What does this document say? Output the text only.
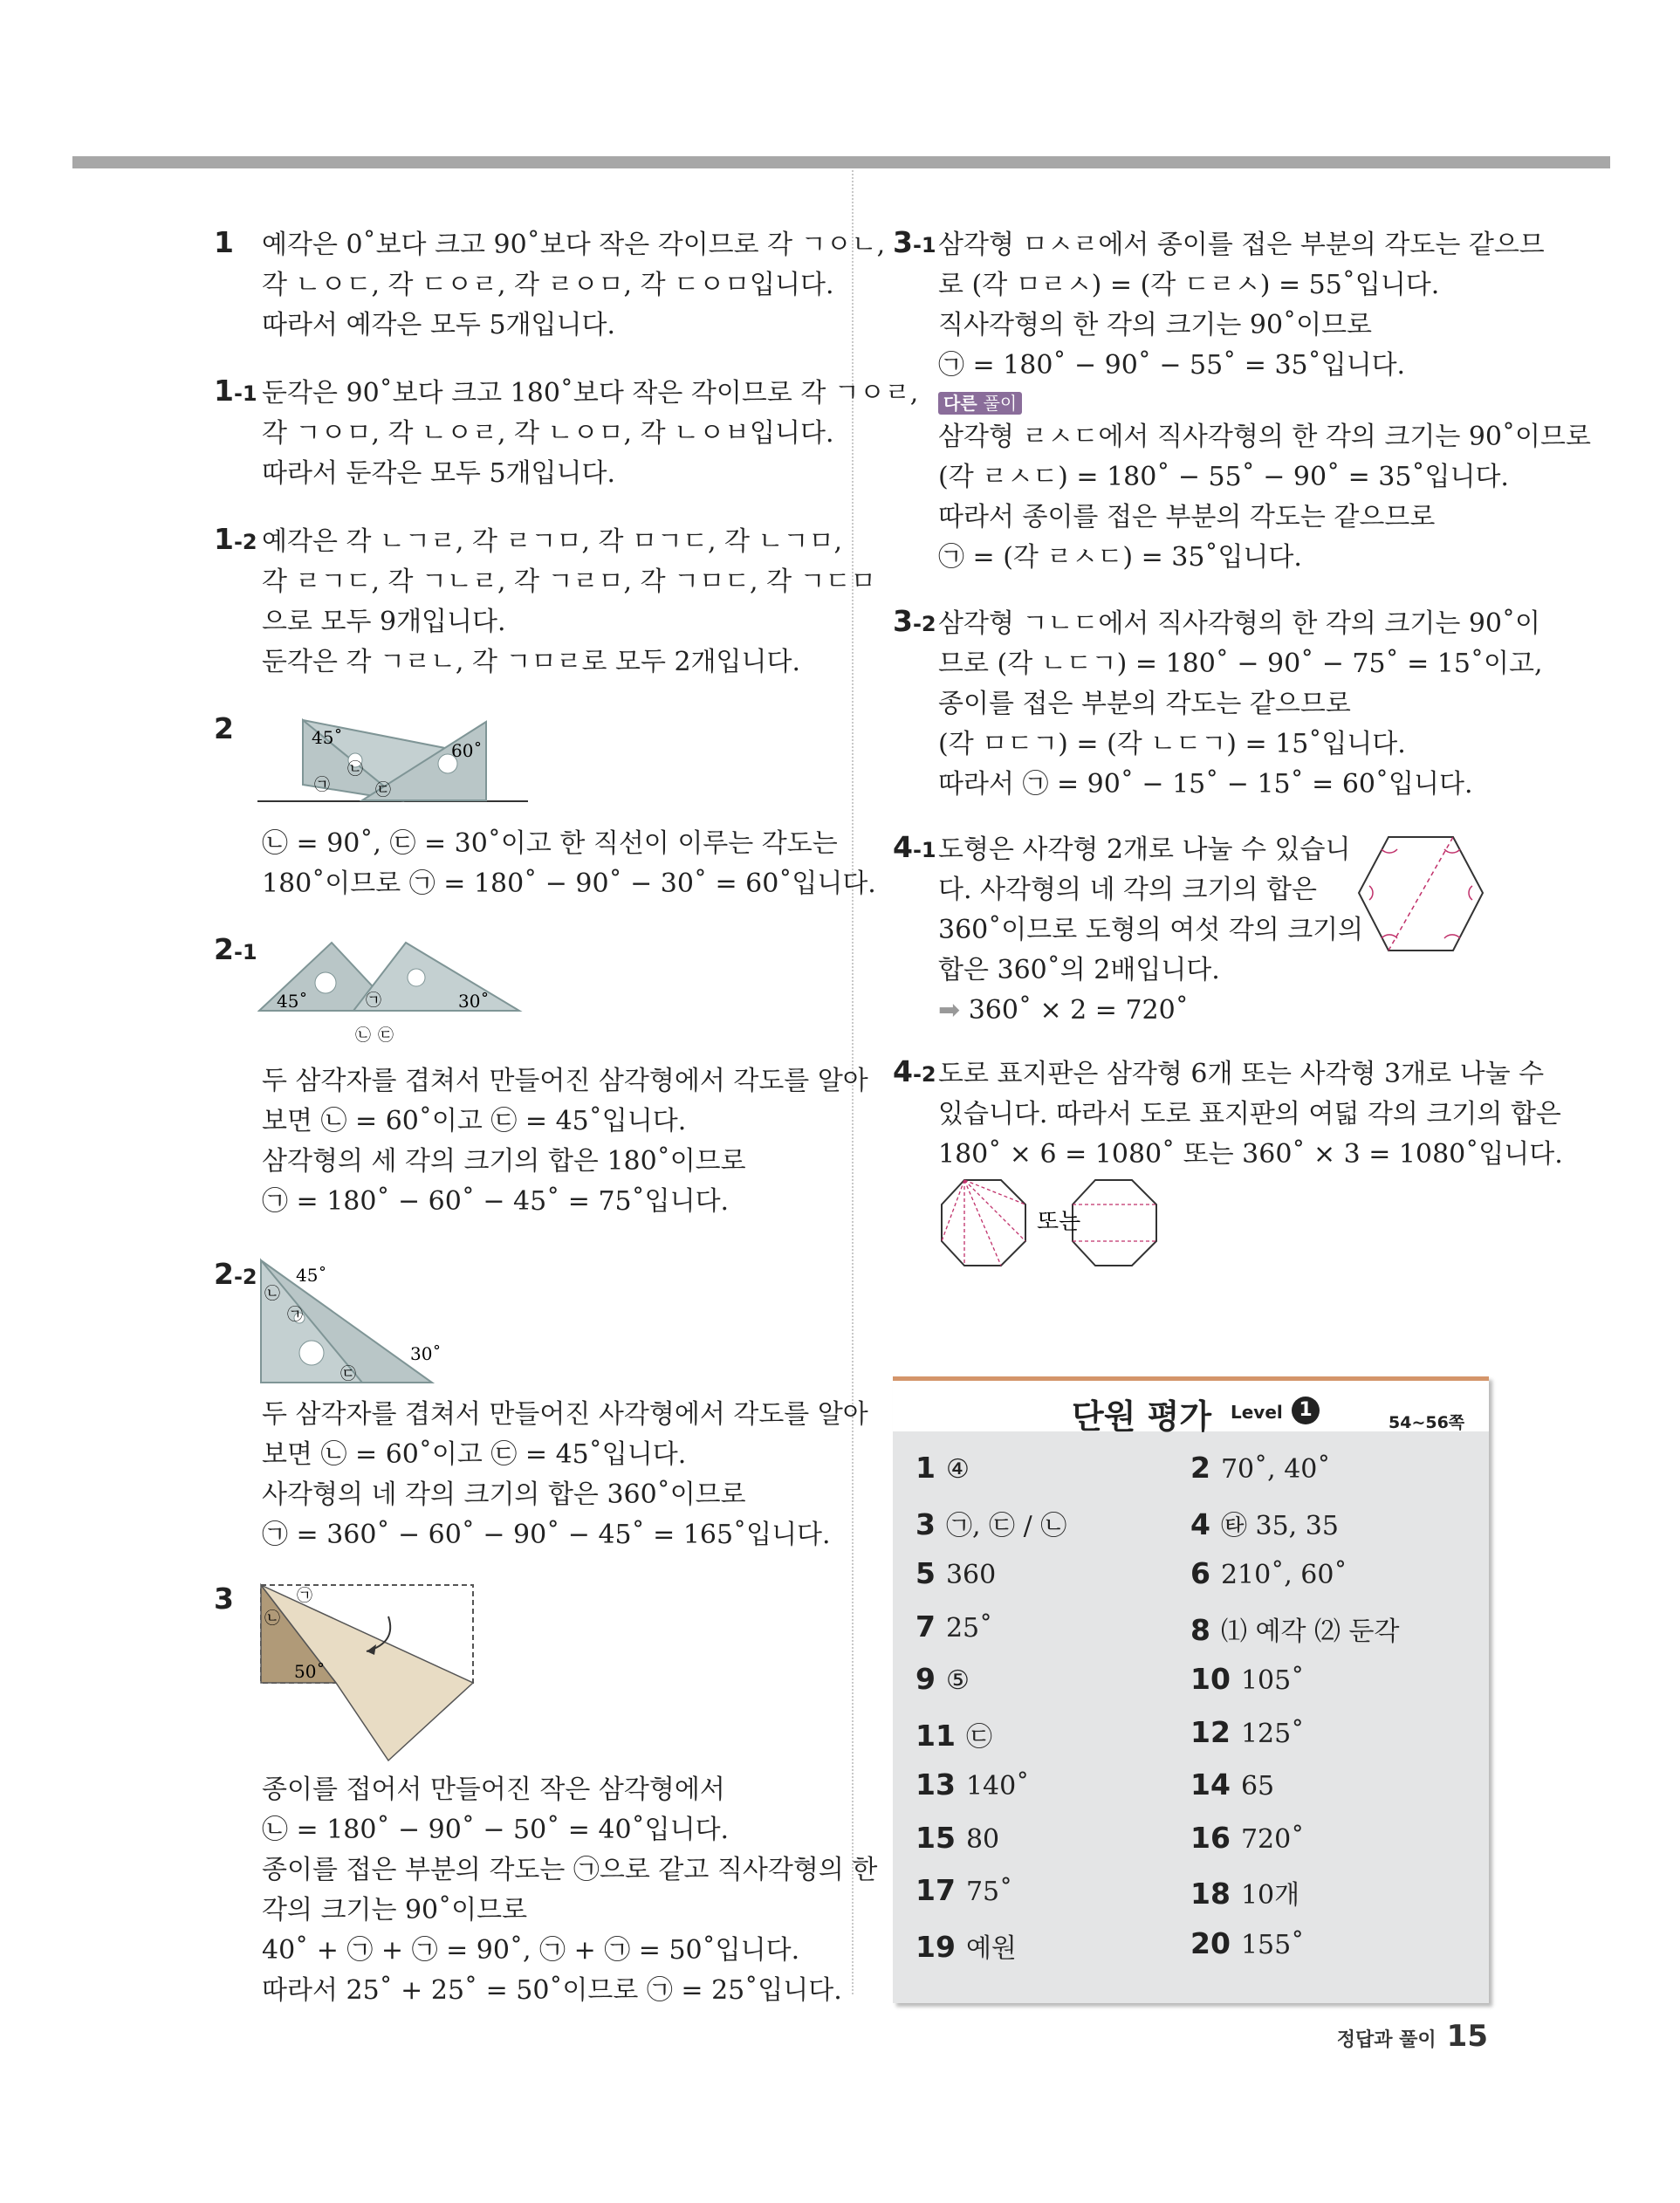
1 예각은 0˚보다 크고 90˚보다 작은 각이므로 각 ㄱㅇㄴ,
각 ㄴㅇㄷ, 각 ㄷㅇㄹ, 각 ㄹㅇㅁ, 각 ㄷㅇㅁ입니다.
따라서 예각은 모두 5개입니다.
1-1 둔각은 90˚보다 크고 180˚보다 작은 각이므로 각 ㄱㅇㄹ,
각 ㄱㅇㅁ, 각 ㄴㅇㄹ, 각 ㄴㅇㅁ, 각 ㄴㅇㅂ입니다.
따라서 둔각은 모두 5개입니다.
1-2 예각은 각 ㄴㄱㄹ, 각 ㄹㄱㅁ, 각 ㅁㄱㄷ, 각 ㄴㄱㅁ,
각 ㄹㄱㄷ, 각 ㄱㄴㄹ, 각 ㄱㄹㅁ, 각 ㄱㅁㄷ, 각 ㄱㄷㅁ
으로 모두 9개입니다.
둔각은 각 ㄱㄹㄴ, 각 ㄱㅁㄹ로 모두 2개입니다.
2	45˚
60˚
㉠
㉡
㉢
㉡ = 90˚, ㉢ = 30˚이고 한 직선이 이루는 각도는
180˚이므로 ㉠ = 180˚ − 90˚ − 30˚ = 60˚입니다.
2-1
45˚	30˚
㉠
㉡ ㉢
두 삼각자를 겹쳐서 만들어진 삼각형에서 각도를 알아
보면 ㉡ = 60˚이고 ㉢ = 45˚입니다.
삼각형의 세 각의 크기의 합은 180˚이므로
㉠ = 180˚ − 60˚ − 45˚ = 75˚입니다.
2-2 45˚
30˚
㉡
㉠
㉢
두 삼각자를 겹쳐서 만들어진 사각형에서 각도를 알아
보면 ㉡ = 60˚이고 ㉢ = 45˚입니다.
사각형의 네 각의 크기의 합은 360˚이므로
㉠ = 360˚ − 60˚ − 90˚ − 45˚ = 165˚입니다.
3
50˚
㉠
㉡
종이를 접어서 만들어진 작은 삼각형에서
㉡ = 180˚ − 90˚ − 50˚ = 40˚입니다.
종이를 접은 부분의 각도는 ㉠으로 같고 직사각형의 한
각의 크기는 90˚이므로
40˚ + ㉠ + ㉠ = 90˚, ㉠ + ㉠ = 50˚입니다.
따라서 25˚ + 25˚ = 50˚이므로 ㉠ = 25˚입니다.
3-1 삼각형 ㅁㅅㄹ에서 종이를 접은 부분의 각도는 같으므
로 (각 ㅁㄹㅅ) = (각 ㄷㄹㅅ) = 55˚입니다.
직사각형의 한 각의 크기는 90˚이므로
㉠ = 180˚ − 90˚ − 55˚ = 35˚입니다.
다른 풀이
삼각형 ㄹㅅㄷ에서 직사각형의 한 각의 크기는 90˚이므로
(각 ㄹㅅㄷ) = 180˚ − 55˚ − 90˚ = 35˚입니다.
따라서 종이를 접은 부분의 각도는 같으므로
㉠ = (각 ㄹㅅㄷ) = 35˚입니다.
3-2 삼각형 ㄱㄴㄷ에서 직사각형의 한 각의 크기는 90˚이
므로 (각 ㄴㄷㄱ) = 180˚ − 90˚ − 75˚ = 15˚이고,
종이를 접은 부분의 각도는 같으므로
(각 ㅁㄷㄱ) = (각 ㄴㄷㄱ) = 15˚입니다.
따라서 ㉠ = 90˚ − 15˚ − 15˚ = 60˚입니다.
4-1 도형은 사각형 2개로 나눌 수 있습니
다. 사각형의 네 각의 크기의 합은
360˚이므로 도형의 여섯 각의 크기의
합은 360˚의 2배입니다.
➡ 360˚ × 2 = 720˚
4-2 도로 표지판은 삼각형 6개 또는 사각형 3개로 나눌 수
있습니다. 따라서 도로 표지판의 여덟 각의 크기의 합은
180˚ × 6 = 1080˚ 또는 360˚ × 3 = 1080˚입니다.
또는
단원 평가 Level 1
54~56쪽
1 ④	2 70˚, 40˚
3 ㉠, ㉢ / ㉡	4 ㉹ 35, 35
5 360	6 210˚, 60˚
7 25˚	8 ⑴ 예각 ⑵ 둔각
9 ⑤	10 105˚
11 ㉢	12 125˚
13 140˚	14 65
15 80	16 720˚
17 75˚	18 10개
19 예원	20 155˚
정답과 풀이 15
